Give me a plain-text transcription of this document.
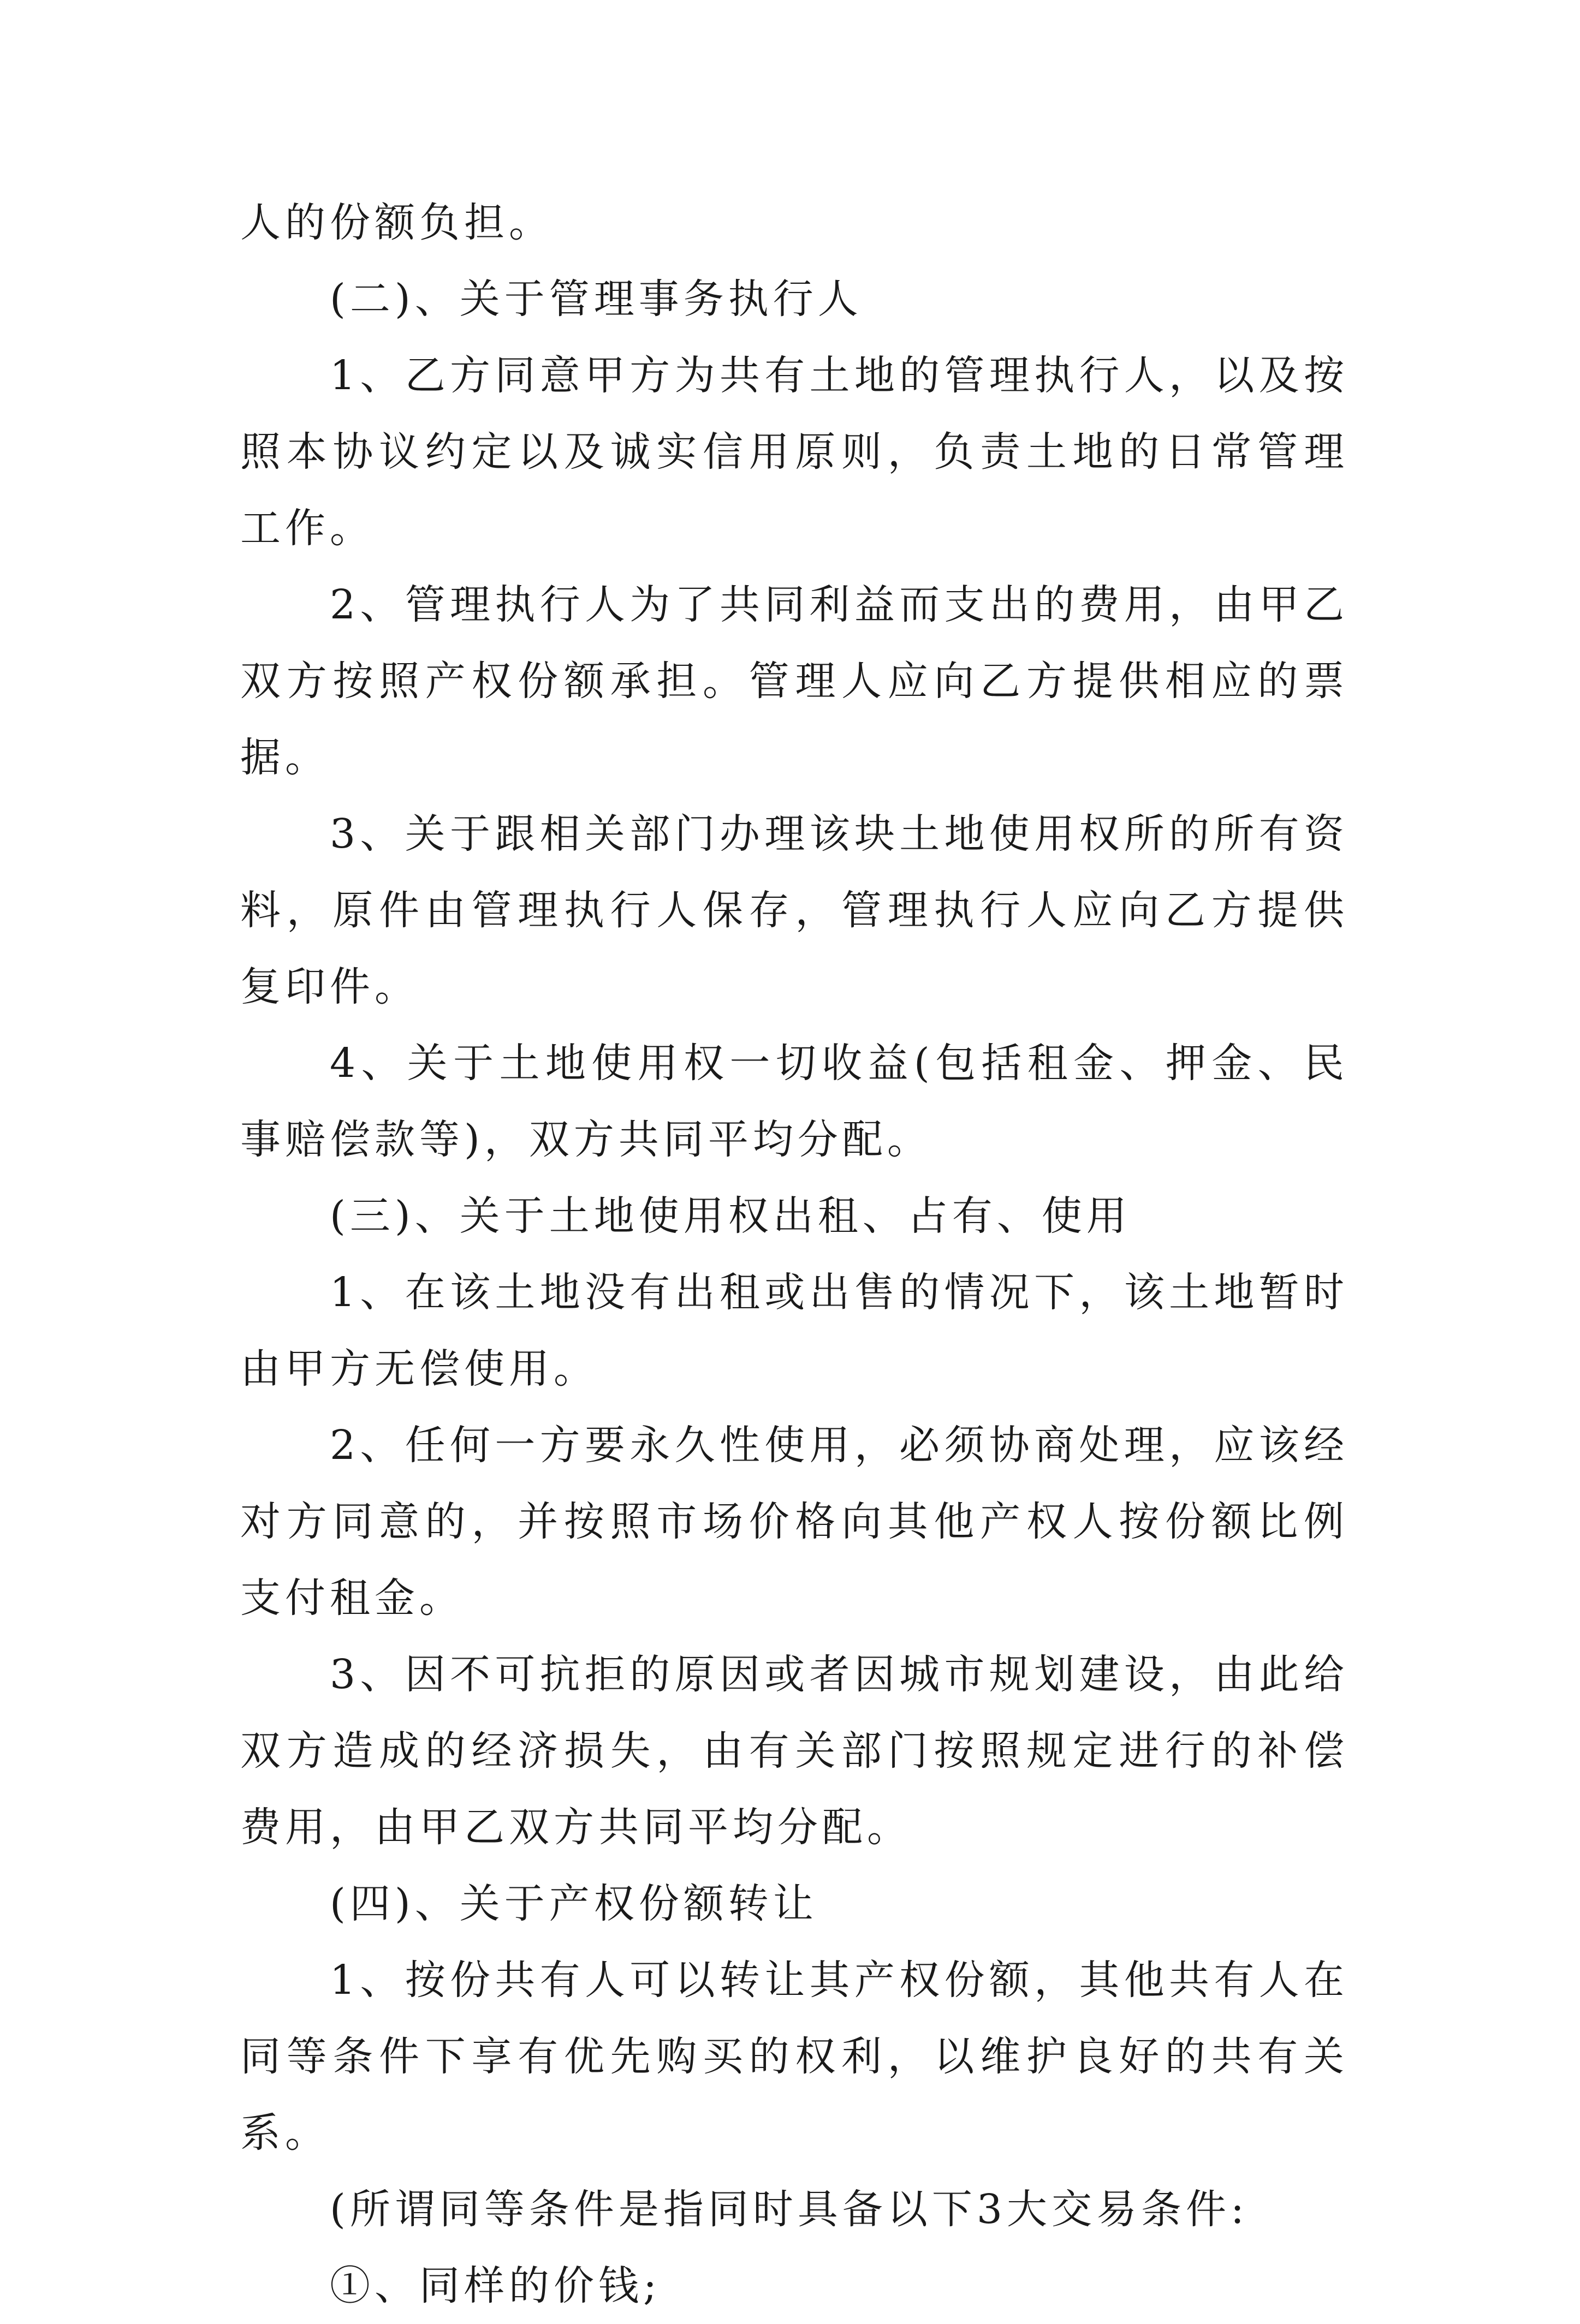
人的份额负担。

(二)、关于管理事务执行人

1、乙方同意甲方为共有土地的管理执行人，以及按照本协议约定以及诚实信用原则，负责土地的日常管理工作。

2、管理执行人为了共同利益而支出的费用，由甲乙双方按照产权份额承担。管理人应向乙方提供相应的票据。

3、关于跟相关部门办理该块土地使用权所的所有资料，原件由管理执行人保存，管理执行人应向乙方提供复印件。

4、关于土地使用权一切收益(包括租金、押金、民事赔偿款等)，双方共同平均分配。

(三)、关于土地使用权出租、占有、使用

1、在该土地没有出租或出售的情况下，该土地暂时由甲方无偿使用。

2、任何一方要永久性使用，必须协商处理，应该经对方同意的，并按照市场价格向其他产权人按份额比例支付租金。

3、因不可抗拒的原因或者因城市规划建设，由此给双方造成的经济损失，由有关部门按照规定进行的补偿费用，由甲乙双方共同平均分配。

(四)、关于产权份额转让

1、按份共有人可以转让其产权份额，其他共有人在同等条件下享有优先购买的权利，以维护良好的共有关系。

(所谓同等条件是指同时具备以下3大交易条件:

①、同样的价钱;
